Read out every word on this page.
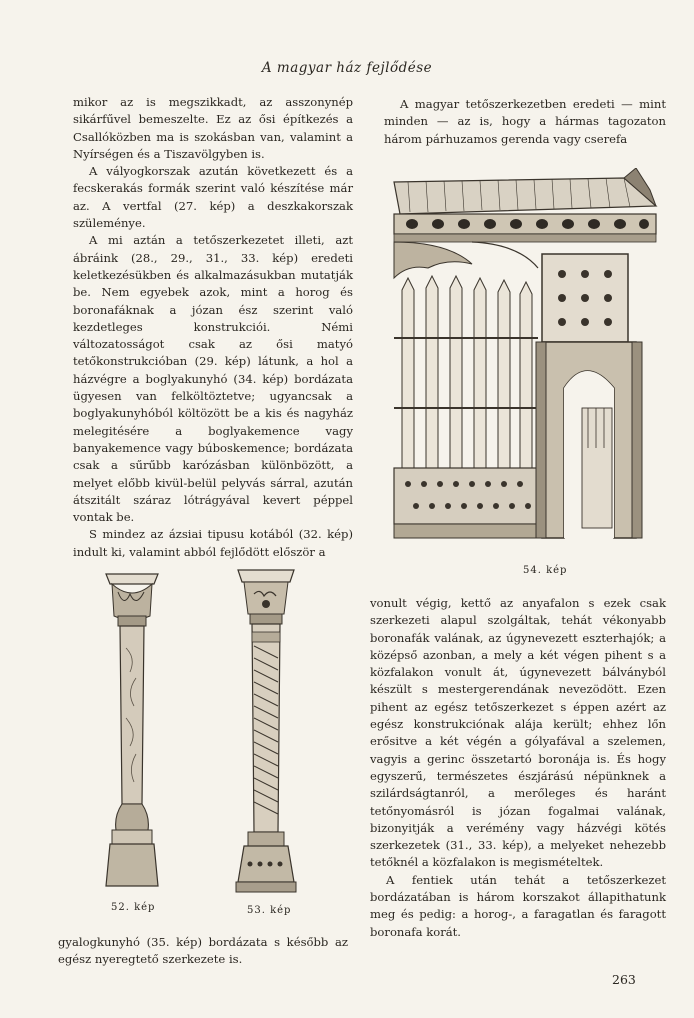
A magyar ház fejlődése

mikor az is megszikkadt, az asszonynép sikárfűvel bemeszelte. Ez az ősi építkezés a Csallóközben ma is szokásban van, valamint a Nyírségen és a Tiszavölgyben is.

A vályogkorszak azután következett és a fecskerakás formák szerint való készítése már az. A vertfal (27. kép) a deszkakorszak szüleménye.

A mi aztán a tetőszerkezetet illeti, azt ábráink (28., 29., 31., 33. kép) eredeti keletkezésükben és alkalmazásukban mutatják be. Nem egyebek azok, mint a horog és boronafáknak a józan ész szerint való kezdetleges konstrukciói. Némi változatosságot csak az ősi matyó tetőkonstrukcióban (29. kép) látunk, a hol a házvégre a boglyakunyhó (34. kép) bordázata ügyesen van felköltöztetve; ugyancsak a boglyakunyhóból költözött be a kis és nagyház melegitésére a boglyakemence vagy banyakemence vagy búboskemence; bordázata csak a sűrűbb karózásban különbözött, a melyet előbb kivül-belül pelyvás sárral, azután átszitált száraz lótrágyával kevert péppel vontak be.

S mindez az ázsiai tipusu kotából (32. kép) indult ki, valamint abból fejlődött először a

A magyar tetőszerkezetben eredeti — mint minden — az is, hogy a hármas tagozaton három párhuzamos gerenda vagy cserefa

54. kép
52. kép	53. kép

vonult végig, kettő az anyafalon s ezek csak szerkezeti alapul szolgáltak, tehát vékonyabb boronafák valának, az úgynevezett eszterhajók; a középső azonban, a mely a két végen pihent s a közfalakon vonult át, úgynevezett bálványból készült s mestergerendának nevezödött. Ezen pihent az egész tetőszerkezet s éppen azért az egész konstrukciónak alája került; ehhez lőn erősitve a két végén a gólyafával a szelemen, vagyis a gerinc összetartó boronája is. És hogy egyszerű, természetes észjárású népünknek a szilárdságtanról, a merőleges és haránt tetőnyomásról is józan fogalmai valának, bizonyitják a verémény vagy házvégi kötés szerkezetek (31., 33. kép), a melyeket nehezebb tetőknél a közfalakon is megismételtek.

A fentiek után tehát a tetőszerkezet bordázatában is három korszakot állapithatunk meg és pedig: a horog-, a faragatlan és faragott boronafa korát.

gyalogkunyhó (35. kép) bordázata s később az egész nyeregtető szerkezete is.

263
